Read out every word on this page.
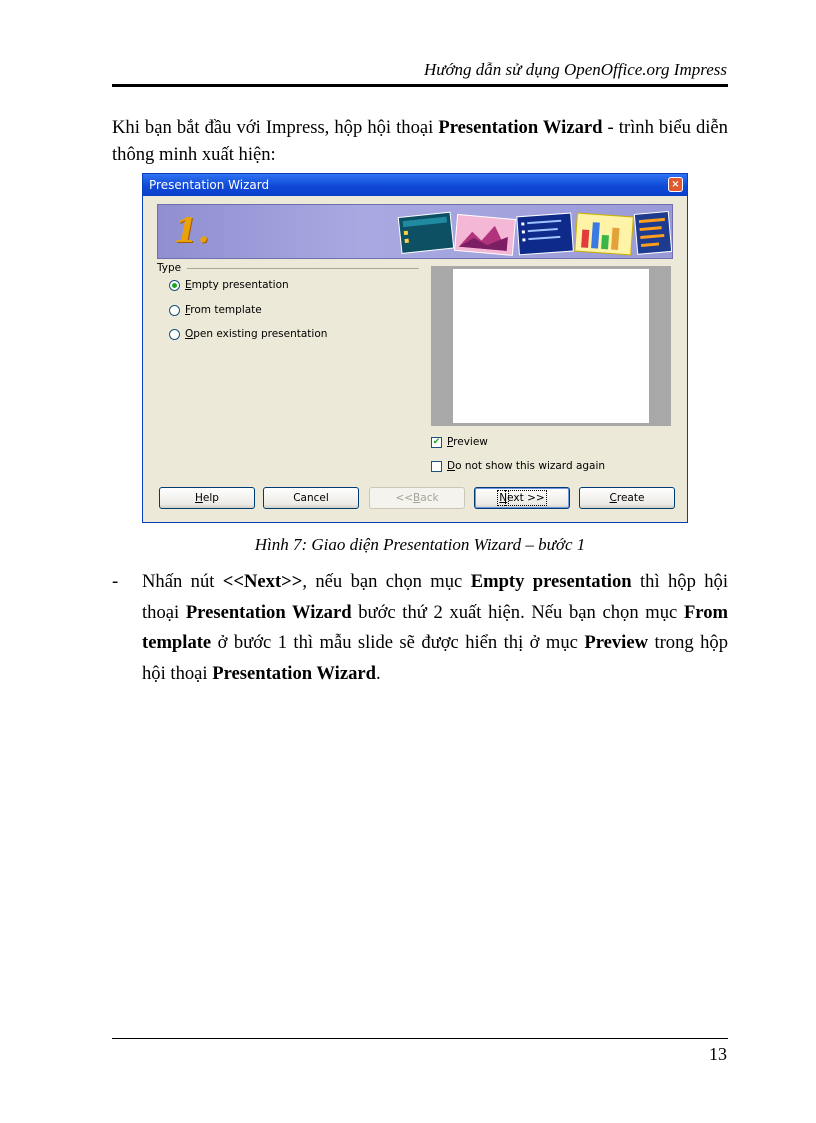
Hướng dẫn sử dụng OpenOffice.org Impress

Khi bạn bắt đầu với Impress, hộp hội thoại Presentation Wizard - trình biểu diễn thông minh xuất hiện:

Presentation Wizard	×
1.
Type
Empty presentation
From template
Open existing presentation
✔ Preview
Do not show this wizard again
H elp	Cancel	<< B ack	Next >>	C reate
Hình 7: Giao diện Presentation Wizard – bước 1
- Nhấn nút <<Next>>, nếu bạn chọn mục Empty presentation thì hộp hội thoại Presentation Wizard bước thứ 2 xuất hiện. Nếu bạn chọn mục From template ở bước 1 thì mẫu slide sẽ được hiển thị ở mục Preview trong hộp hội thoại Presentation Wizard.

13
